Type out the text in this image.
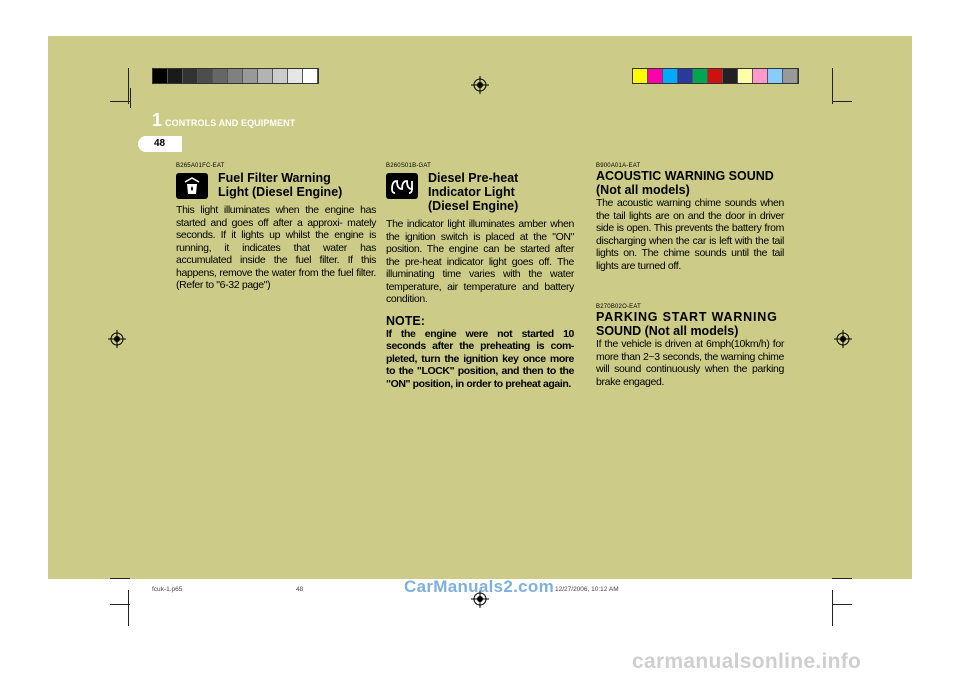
1 CONTROLS AND EQUIPMENT
48
B265A01FC-EAT
Fuel Filter Warning
Light (Diesel Engine)
This light illuminates when the engine has started and goes off after a approxi- mately seconds. If it lights up whilst the engine is running, it indicates that water has accumulated inside the fuel filter. If this happens, remove the water from the fuel filter. (Refer to "6-32 page")
B260S01B-GAT
Diesel Pre-heat
Indicator Light
(Diesel Engine)
The indicator light illuminates amber when the ignition switch is placed at the "ON" position. The engine can be started after the pre-heat indicator light goes off. The illuminating time varies with the water temperature, air temperature and battery condition.
NOTE:
If the engine were not started 10 seconds after the preheating is com- pleted, turn the ignition key once more to the "LOCK" position, and then to the "ON" position, in order to preheat again.
B900A01A-EAT
ACOUSTIC WARNING SOUND
(Not all models)
The acoustic warning chime sounds when the tail lights are on and the door in driver side is open. This prevents the battery from discharging when the car is left with the tail lights on. The chime sounds until the tail lights are turned off.
B270B02O-EAT
PARKING START WARNING
SOUND (Not all models)
If the vehicle is driven at 6mph(10km/h) for more than 2~3 seconds, the warning chime will sound continuously when the parking brake engaged.
fcuk-1.p65	48	12/27/2006, 10:12 AM
CarManuals2.com
carmanualsonline.info
